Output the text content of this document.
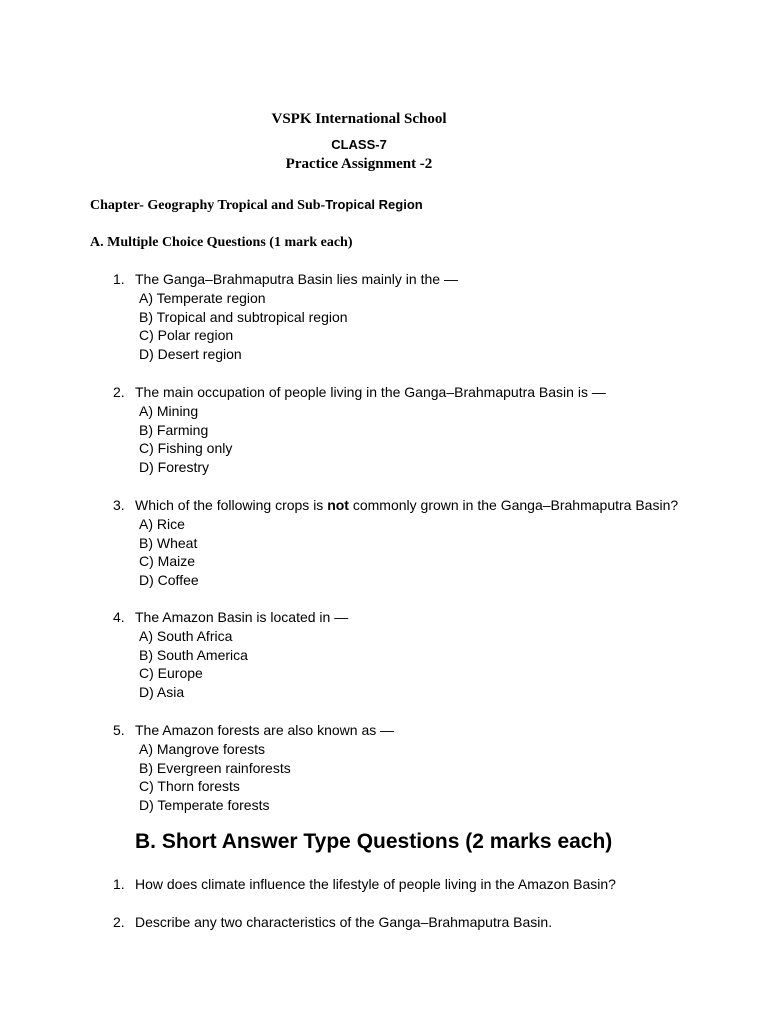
VSPK International School
CLASS-7
Practice Assignment -2
Chapter- Geography Tropical and Sub-Tropical Region
A. Multiple Choice Questions (1 mark each)
1. The Ganga–Brahmaputra Basin lies mainly in the —
A) Temperate region
B) Tropical and subtropical region
C) Polar region
D) Desert region
2. The main occupation of people living in the Ganga–Brahmaputra Basin is —
A) Mining
B) Farming
C) Fishing only
D) Forestry
3. Which of the following crops is not commonly grown in the Ganga–Brahmaputra Basin?
A) Rice
B) Wheat
C) Maize
D) Coffee
4. The Amazon Basin is located in —
A) South Africa
B) South America
C) Europe
D) Asia
5. The Amazon forests are also known as —
A) Mangrove forests
B) Evergreen rainforests
C) Thorn forests
D) Temperate forests
B. Short Answer Type Questions (2 marks each)
1. How does climate influence the lifestyle of people living in the Amazon Basin?
2. Describe any two characteristics of the Ganga–Brahmaputra Basin.
